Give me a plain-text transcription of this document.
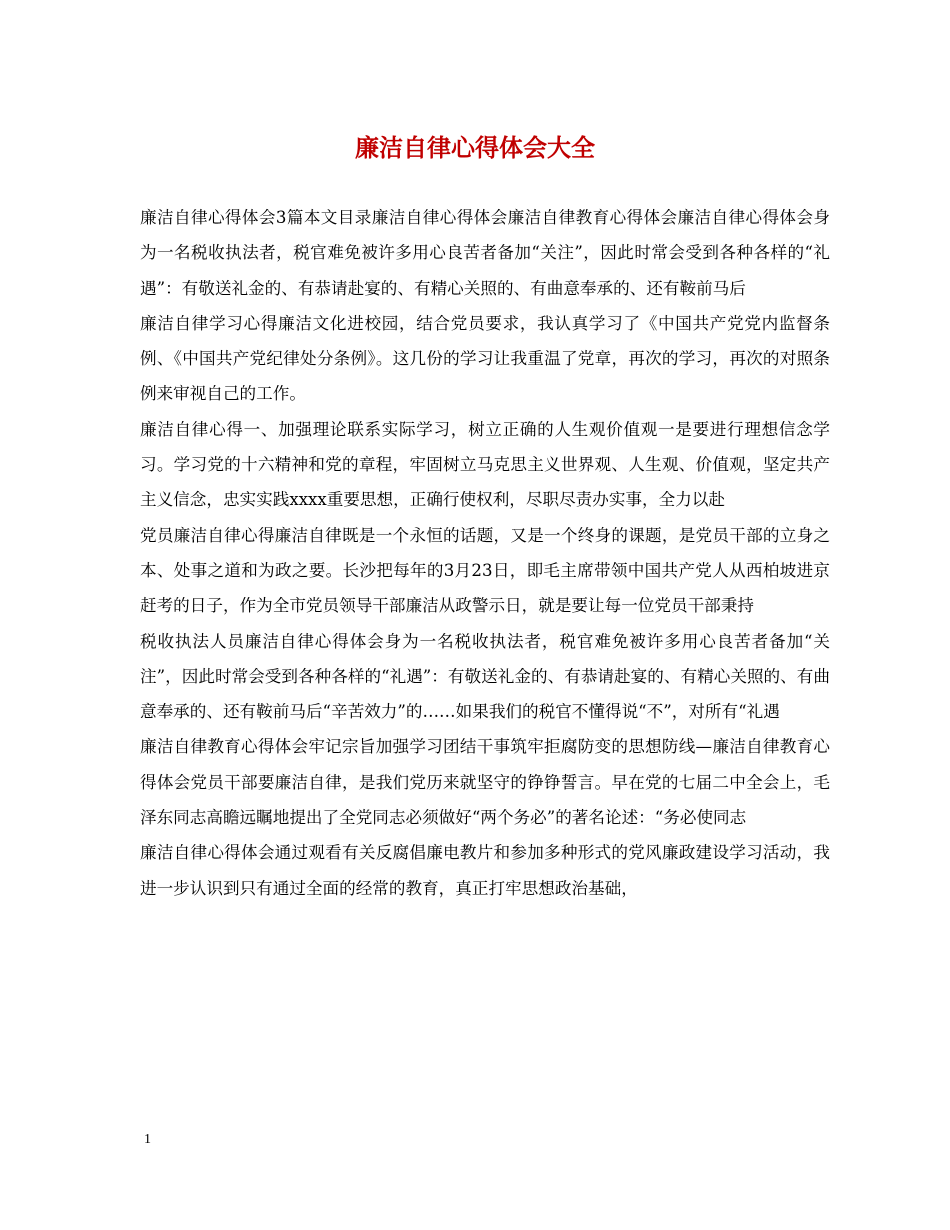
廉洁自律心得体会大全

廉洁自律心得体会3篇本文目录廉洁自律心得体会廉洁自律教育心得体会廉洁自律心得体会身为一名税收执法者，税官难免被许多用心良苦者备加“关注”，因此时常会受到各种各样的“礼遇”：有敬送礼金的、有恭请赴宴的、有精心关照的、有曲意奉承的、还有鞍前马后

廉洁自律学习心得廉洁文化进校园，结合党员要求，我认真学习了《中国共产党党内监督条例、《中国共产党纪律处分条例》。这几份的学习让我重温了党章，再次的学习，再次的对照条例来审视自己的工作。

廉洁自律心得一、加强理论联系实际学习，树立正确的人生观价值观一是要进行理想信念学习。学习党的十六精神和党的章程，牢固树立马克思主义世界观、人生观、价值观，坚定共产主义信念，忠实实践xxxx重要思想，正确行使权利，尽职尽责办实事，全力以赴

党员廉洁自律心得廉洁自律既是一个永恒的话题，又是一个终身的课题，是党员干部的立身之本、处事之道和为政之要。长沙把每年的3月23日，即毛主席带领中国共产党人从西柏坡进京赶考的日子，作为全市党员领导干部廉洁从政警示日，就是要让每一位党员干部秉持

税收执法人员廉洁自律心得体会身为一名税收执法者，税官难免被许多用心良苦者备加“关注”，因此时常会受到各种各样的“礼遇”：有敬送礼金的、有恭请赴宴的、有精心关照的、有曲意奉承的、还有鞍前马后“辛苦效力”的……如果我们的税官不懂得说“不”，对所有“礼遇

廉洁自律教育心得体会牢记宗旨加强学习团结干事筑牢拒腐防变的思想防线—廉洁自律教育心得体会党员干部要廉洁自律，是我们党历来就坚守的铮铮誓言。早在党的七届二中全会上，毛泽东同志高瞻远瞩地提出了全党同志必须做好“两个务必”的著名论述：“务必使同志

廉洁自律心得体会通过观看有关反腐倡廉电教片和参加多种形式的党风廉政建设学习活动，我进一步认识到只有通过全面的经常的教育，真正打牢思想政治基础，

1
